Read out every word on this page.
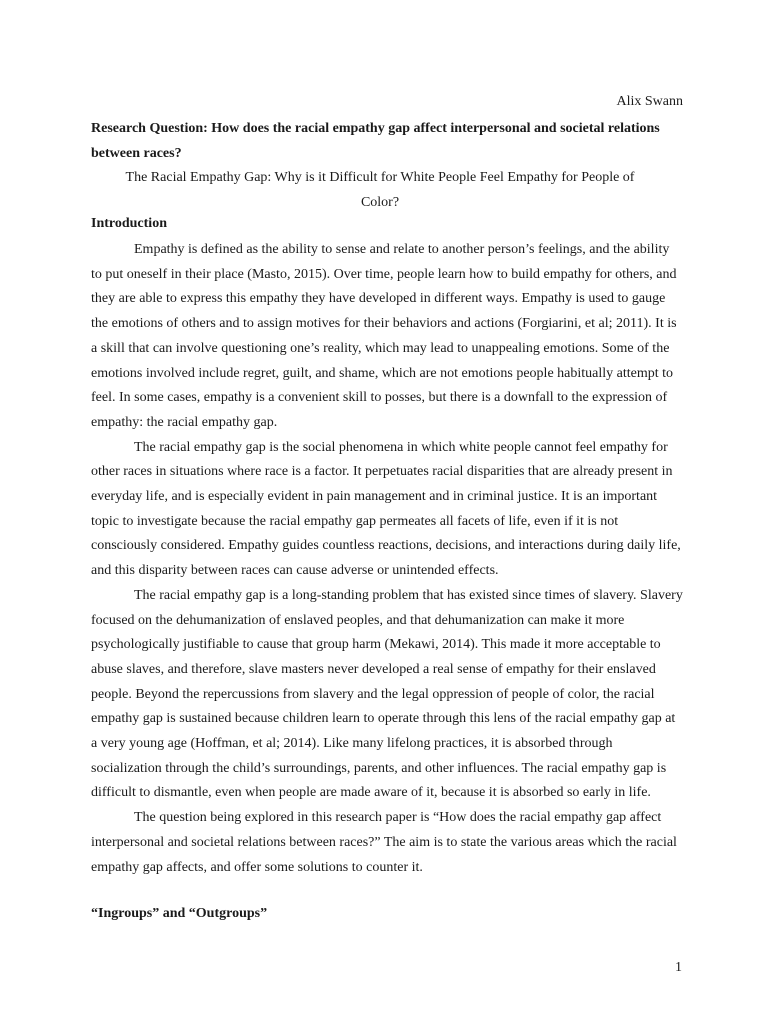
Alix Swann
Research Question: How does the racial empathy gap affect interpersonal and societal relations between races?
The Racial Empathy Gap: Why is it Difficult for White People Feel Empathy for People of Color?
Introduction

Empathy is defined as the ability to sense and relate to another person’s feelings, and the ability to put oneself in their place (Masto, 2015). Over time, people learn how to build empathy for others, and they are able to express this empathy they have developed in different ways. Empathy is used to gauge the emotions of others and to assign motives for their behaviors and actions (Forgiarini, et al; 2011). It is a skill that can involve questioning one’s reality, which may lead to unappealing emotions. Some of the emotions involved include regret, guilt, and shame, which are not emotions people habitually attempt to feel. In some cases, empathy is a convenient skill to posses, but there is a downfall to the expression of empathy: the racial empathy gap.

The racial empathy gap is the social phenomena in which white people cannot feel empathy for other races in situations where race is a factor. It perpetuates racial disparities that are already present in everyday life, and is especially evident in pain management and in criminal justice. It is an important topic to investigate because the racial empathy gap permeates all facets of life, even if it is not consciously considered. Empathy guides countless reactions, decisions, and interactions during daily life, and this disparity between races can cause adverse or unintended effects.

The racial empathy gap is a long-standing problem that has existed since times of slavery. Slavery focused on the dehumanization of enslaved peoples, and that dehumanization can make it more psychologically justifiable to cause that group harm (Mekawi, 2014). This made it more acceptable to abuse slaves, and therefore, slave masters never developed a real sense of empathy for their enslaved people. Beyond the repercussions from slavery and the legal oppression of people of color, the racial empathy gap is sustained because children learn to operate through this lens of the racial empathy gap at a very young age (Hoffman, et al; 2014). Like many lifelong practices, it is absorbed through socialization through the child’s surroundings, parents, and other influences. The racial empathy gap is difficult to dismantle, even when people are made aware of it, because it is absorbed so early in life.

The question being explored in this research paper is “How does the racial empathy gap affect interpersonal and societal relations between races?” The aim is to state the various areas which the racial empathy gap affects, and offer some solutions to counter it.

“Ingroups” and “Outgroups”
1
